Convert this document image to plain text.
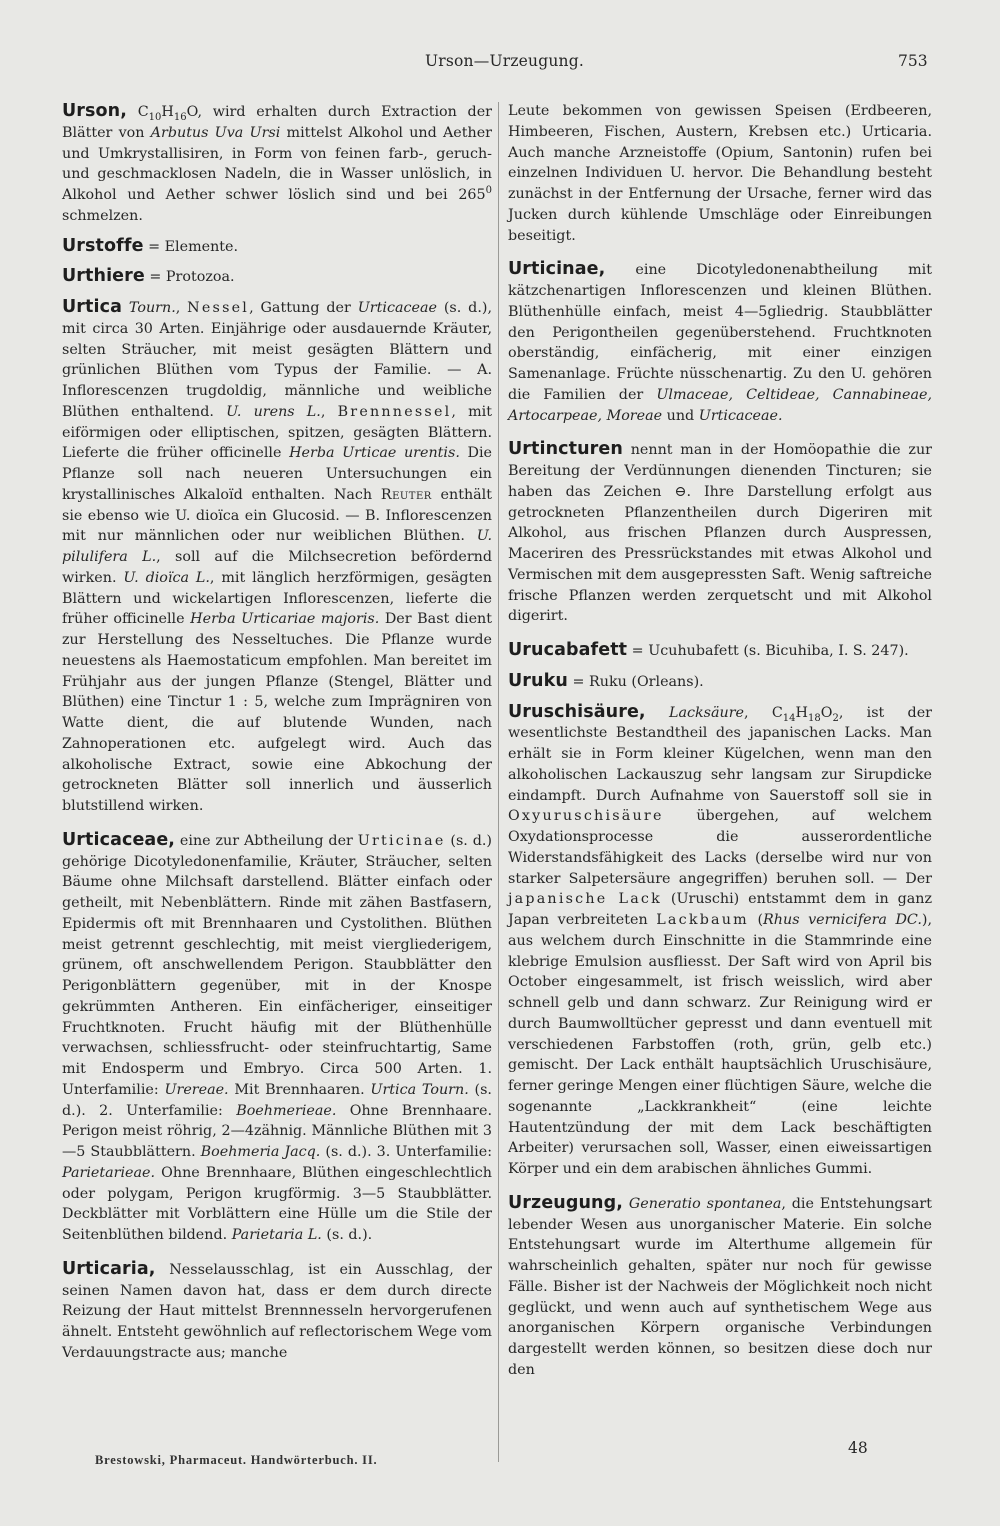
Urson—Urzeugung.	753

Urson, $C_{10}H_{16}O$, wird erhalten durch Extraction der Blätter von Arbutus Uva Ursi mittelst Alkohol und Aether und Umkrystallisiren, in Form von feinen farb-, geruch- und geschmacklosen Nadeln, die in Wasser unlöslich, in Alkohol und Aether schwer löslich sind und bei $265^0$ schmelzen.

Urstoffe = Elemente.

Urthiere = Protozoa.

Urtica Tourn., Nessel, Gattung der Urticaceae (s. d.), mit circa 30 Arten. Einjährige oder ausdauernde Kräuter, selten Sträucher, mit meist gesägten Blättern und grünlichen Blüthen vom Typus der Familie. — A. Inflorescenzen trugdoldig, männliche und weibliche Blüthen enthaltend. U. urens L., Brennnessel, mit eiförmigen oder elliptischen, spitzen, gesägten Blättern. Lieferte die früher officinelle Herba Urticae urentis. Die Pflanze soll nach neueren Untersuchungen ein krystallinisches Alkaloïd enthalten. Nach Reuter enthält sie ebenso wie U. dioïca ein Glucosid. — B. Inflorescenzen mit nur männlichen oder nur weiblichen Blüthen. U. pilulifera L., soll auf die Milchsecretion befördernd wirken. U. dioïca L., mit länglich herzförmigen, gesägten Blättern und wickelartigen Inflorescenzen, lieferte die früher officinelle Herba Urticariae majoris. Der Bast dient zur Herstellung des Nesseltuches. Die Pflanze wurde neuestens als Haemostaticum empfohlen. Man bereitet im Frühjahr aus der jungen Pflanze (Stengel, Blätter und Blüthen) eine Tinctur 1 : 5, welche zum Imprägniren von Watte dient, die auf blutende Wunden, nach Zahnoperationen etc. aufgelegt wird. Auch das alkoholische Extract, sowie eine Abkochung der getrockneten Blätter soll innerlich und äusserlich blutstillend wirken.

Urticaceae, eine zur Abtheilung der Urticinae (s. d.) gehörige Dicotyledonenfamilie, Kräuter, Sträucher, selten Bäume ohne Milchsaft darstellend. Blätter einfach oder getheilt, mit Nebenblättern. Rinde mit zähen Bastfasern, Epidermis oft mit Brennhaaren und Cystolithen. Blüthen meist getrennt geschlechtig, mit meist viergliederigem, grünem, oft anschwellendem Perigon. Staubblätter den Perigonblättern gegenüber, mit in der Knospe gekrümmten Antheren. Ein einfächeriger, einseitiger Fruchtknoten. Frucht häufig mit der Blüthenhülle verwachsen, schliessfrucht- oder steinfruchtartig, Same mit Endosperm und Embryo. Circa 500 Arten. 1. Unterfamilie: Urereae. Mit Brennhaaren. Urtica Tourn. (s. d.). 2. Unterfamilie: Boehmerieae. Ohne Brennhaare. Perigon meist röhrig, 2—4zähnig. Männliche Blüthen mit 3—5 Staubblättern. Boehmeria Jacq. (s. d.). 3. Unterfamilie: Parietarieae. Ohne Brennhaare, Blüthen eingeschlechtlich oder polygam, Perigon krugförmig. 3—5 Staubblätter. Deckblätter mit Vorblättern eine Hülle um die Stile der Seitenblüthen bildend. Parietaria L. (s. d.).

Urticaria, Nesselausschlag, ist ein Ausschlag, der seinen Namen davon hat, dass er dem durch directe Reizung der Haut mittelst Brennnesseln hervorgerufenen ähnelt. Entsteht gewöhnlich auf reflectorischem Wege vom Verdauungstracte aus; manche

Leute bekommen von gewissen Speisen (Erdbeeren, Himbeeren, Fischen, Austern, Krebsen etc.) Urticaria. Auch manche Arzneistoffe (Opium, Santonin) rufen bei einzelnen Individuen U. hervor. Die Behandlung besteht zunächst in der Entfernung der Ursache, ferner wird das Jucken durch kühlende Umschläge oder Einreibungen beseitigt.

Urticinae, eine Dicotyledonenabtheilung mit kätzchenartigen Inflorescenzen und kleinen Blüthen. Blüthenhülle einfach, meist 4—5gliedrig. Staubblätter den Perigontheilen gegenüberstehend. Fruchtknoten oberständig, einfächerig, mit einer einzigen Samenanlage. Früchte nüsschenartig. Zu den U. gehören die Familien der Ulmaceae, Celtideae, Cannabineae, Artocarpeae, Moreae und Urticaceae.

Urtincturen nennt man in der Homöopathie die zur Bereitung der Verdünnungen dienenden Tincturen; sie haben das Zeichen ⊖. Ihre Darstellung erfolgt aus getrockneten Pflanzentheilen durch Digeriren mit Alkohol, aus frischen Pflanzen durch Auspressen, Maceriren des Pressrückstandes mit etwas Alkohol und Vermischen mit dem ausgepressten Saft. Wenig saftreiche frische Pflanzen werden zerquetscht und mit Alkohol digerirt.

Urucabafett = Ucuhubafett (s. Bicuhiba, I. S. 247).

Uruku = Ruku (Orleans).

Uruschisäure, Lacksäure, $C_{14}H_{18}O_2$, ist der wesentlichste Bestandtheil des japanischen Lacks. Man erhält sie in Form kleiner Kügelchen, wenn man den alkoholischen Lackauszug sehr langsam zur Sirupdicke eindampft. Durch Aufnahme von Sauerstoff soll sie in Oxyuruschisäure übergehen, auf welchem Oxydationsprocesse die ausserordentliche Widerstandsfähigkeit des Lacks (derselbe wird nur von starker Salpetersäure angegriffen) beruhen soll. — Der japanische Lack (Uruschi) entstammt dem in ganz Japan verbreiteten Lackbaum (Rhus vernicifera DC.), aus welchem durch Einschnitte in die Stammrinde eine klebrige Emulsion ausfliesst. Der Saft wird von April bis October eingesammelt, ist frisch weisslich, wird aber schnell gelb und dann schwarz. Zur Reinigung wird er durch Baumwolltücher gepresst und dann eventuell mit verschiedenen Farbstoffen (roth, grün, gelb etc.) gemischt. Der Lack enthält hauptsächlich Uruschisäure, ferner geringe Mengen einer flüchtigen Säure, welche die sogenannte „Lackkrankheit“ (eine leichte Hautentzündung der mit dem Lack beschäftigten Arbeiter) verursachen soll, Wasser, einen eiweissartigen Körper und ein dem arabischen ähnliches Gummi.

Urzeugung, Generatio spontanea, die Entstehungsart lebender Wesen aus unorganischer Materie. Ein solche Entstehungsart wurde im Alterthume allgemein für wahrscheinlich gehalten, später nur noch für gewisse Fälle. Bisher ist der Nachweis der Möglichkeit noch nicht geglückt, und wenn auch auf synthetischem Wege aus anorganischen Körpern organische Verbindungen dargestellt werden können, so besitzen diese doch nur den

Brestowski, Pharmaceut. Handwörterbuch. II.
48
